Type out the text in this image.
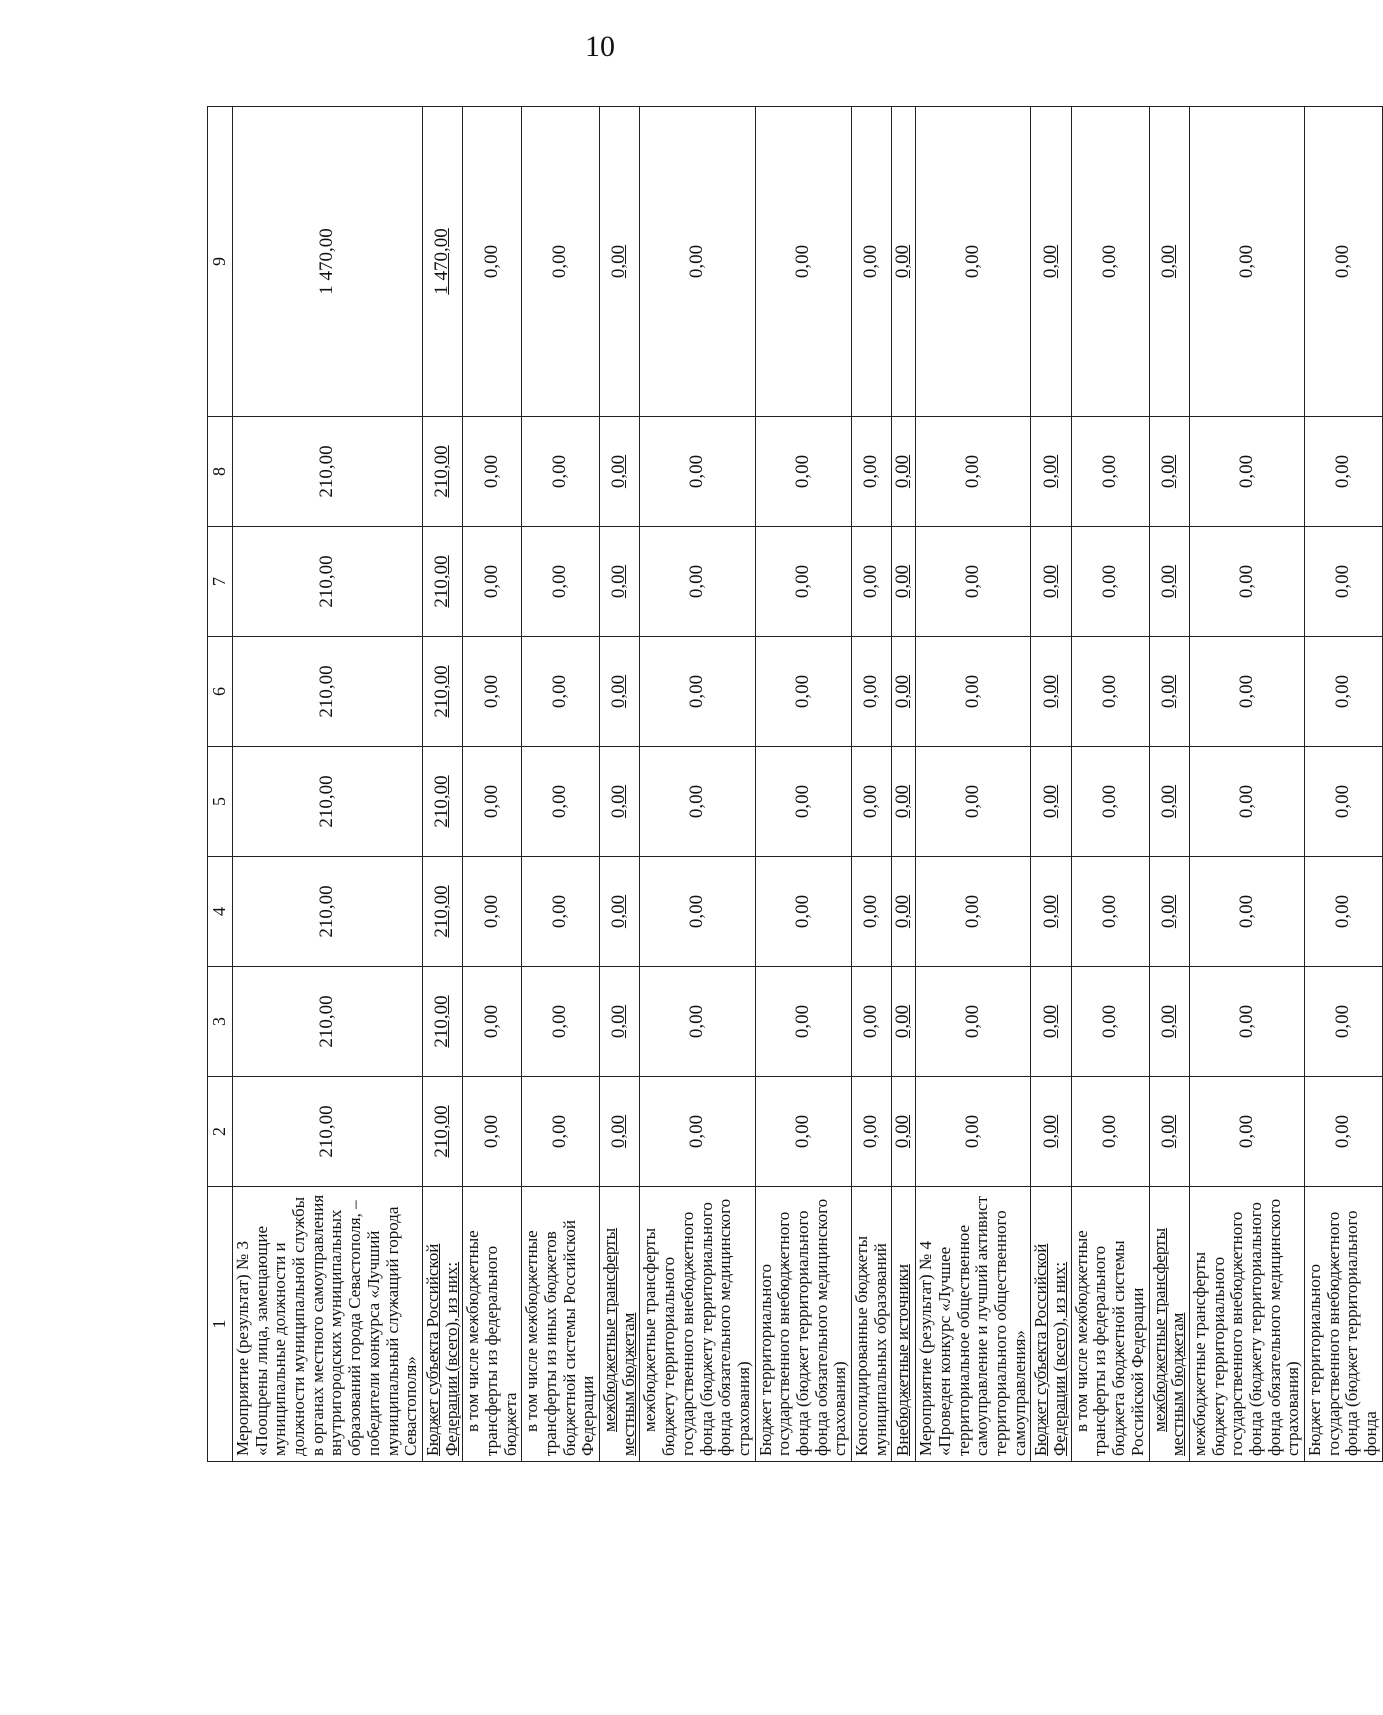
10
1	2	3	4	5	6	7	8	9
Мероприятие (результат) № 3 «Поощрены лица, замещающие муниципальные должности и должности муниципальной службы в органах местного самоуправления внутригородских муниципальных образований города Севастополя, – победители конкурса «Лучший муниципальный служащий города Севастополя»	210,00	210,00	210,00	210,00	210,00	210,00	210,00	1 470,00
Бюджет субъекта Российской Федерации (всего), из них:	210,00	210,00	210,00	210,00	210,00	210,00	210,00	1 470,00
в том числе межбюджетные трансферты из федерального бюджета	0,00	0,00	0,00	0,00	0,00	0,00	0,00	0,00
в том числе межбюджетные трансферты из иных бюджетов бюджетной системы Российской Федерации	0,00	0,00	0,00	0,00	0,00	0,00	0,00	0,00
межбюджетные трансферты местным бюджетам	0,00	0,00	0,00	0,00	0,00	0,00	0,00	0,00
межбюджетные трансферты бюджету территориального государственного внебюджетного фонда (бюджету территориального фонда обязательного медицинского страхования)	0,00	0,00	0,00	0,00	0,00	0,00	0,00	0,00
Бюджет территориального государственного внебюджетного фонда (бюджет территориального фонда обязательного медицинского страхования)	0,00	0,00	0,00	0,00	0,00	0,00	0,00	0,00
Консолидированные бюджеты муниципальных образований	0,00	0,00	0,00	0,00	0,00	0,00	0,00	0,00
Внебюджетные источники	0,00	0,00	0,00	0,00	0,00	0,00	0,00	0,00
Мероприятие (результат) № 4 «Проведен конкурс «Лучшее территориальное общественное самоуправление и лучший активист территориального общественного самоуправления»	0,00	0,00	0,00	0,00	0,00	0,00	0,00	0,00
Бюджет субъекта Российской Федерации (всего), из них:	0,00	0,00	0,00	0,00	0,00	0,00	0,00	0,00
в том числе межбюджетные трансферты из федерального бюджета бюджетной системы Российской Федерации	0,00	0,00	0,00	0,00	0,00	0,00	0,00	0,00
межбюджетные трансферты местным бюджетам	0,00	0,00	0,00	0,00	0,00	0,00	0,00	0,00
межбюджетные трансферты бюджету территориального государственного внебюджетного фонда (бюджету территориального фонда обязательного медицинского страхования)	0,00	0,00	0,00	0,00	0,00	0,00	0,00	0,00
Бюджет территориального государственного внебюджетного фонда (бюджет территориального фонда	0,00	0,00	0,00	0,00	0,00	0,00	0,00	0,00
